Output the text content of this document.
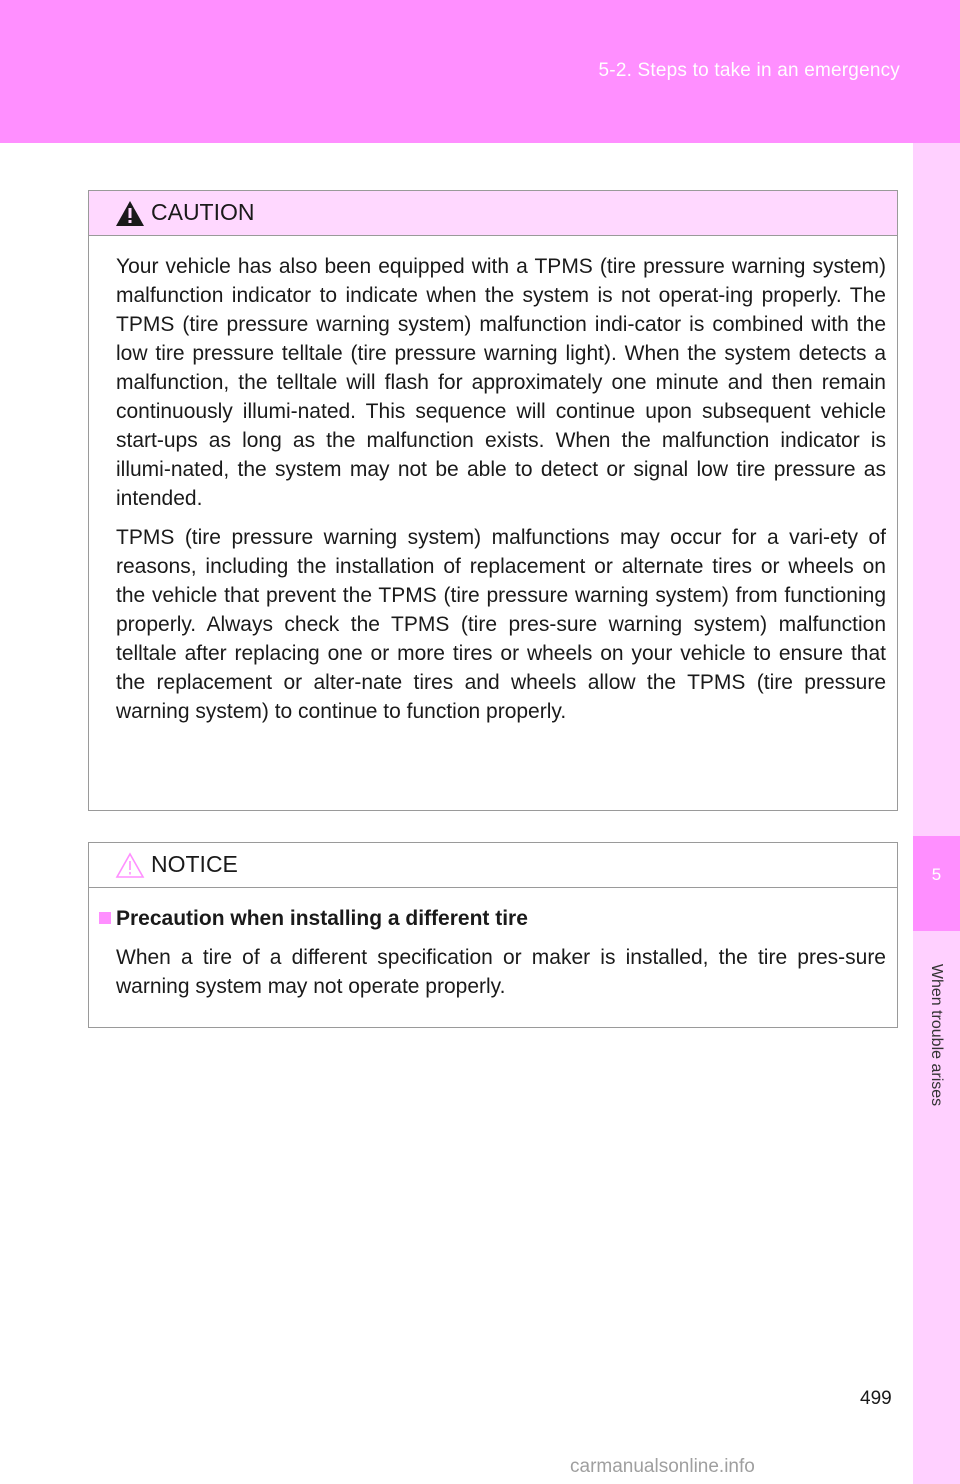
5-2. Steps to take in an emergency
5
When trouble arises
CAUTION

Your vehicle has also been equipped with a TPMS (tire pressure warning system) malfunction indicator to indicate when the system is not operat-ing properly. The TPMS (tire pressure warning system) malfunction indi-cator is combined with the low tire pressure telltale (tire pressure warning light). When the system detects a malfunction, the telltale will flash for approximately one minute and then remain continuously illumi-nated. This sequence will continue upon subsequent vehicle start-ups as long as the malfunction exists. When the malfunction indicator is illumi-nated, the system may not be able to detect or signal low tire pressure as intended.

TPMS (tire pressure warning system) malfunctions may occur for a vari-ety of reasons, including the installation of replacement or alternate tires or wheels on the vehicle that prevent the TPMS (tire pressure warning system) from functioning properly. Always check the TPMS (tire pres-sure warning system) malfunction telltale after replacing one or more tires or wheels on your vehicle to ensure that the replacement or alter-nate tires and wheels allow the TPMS (tire pressure warning system) to continue to function properly.

NOTICE
Precaution when installing a different tire

When a tire of a different specification or maker is installed, the tire pres-sure warning system may not operate properly.

499
carmanualsonline.info
